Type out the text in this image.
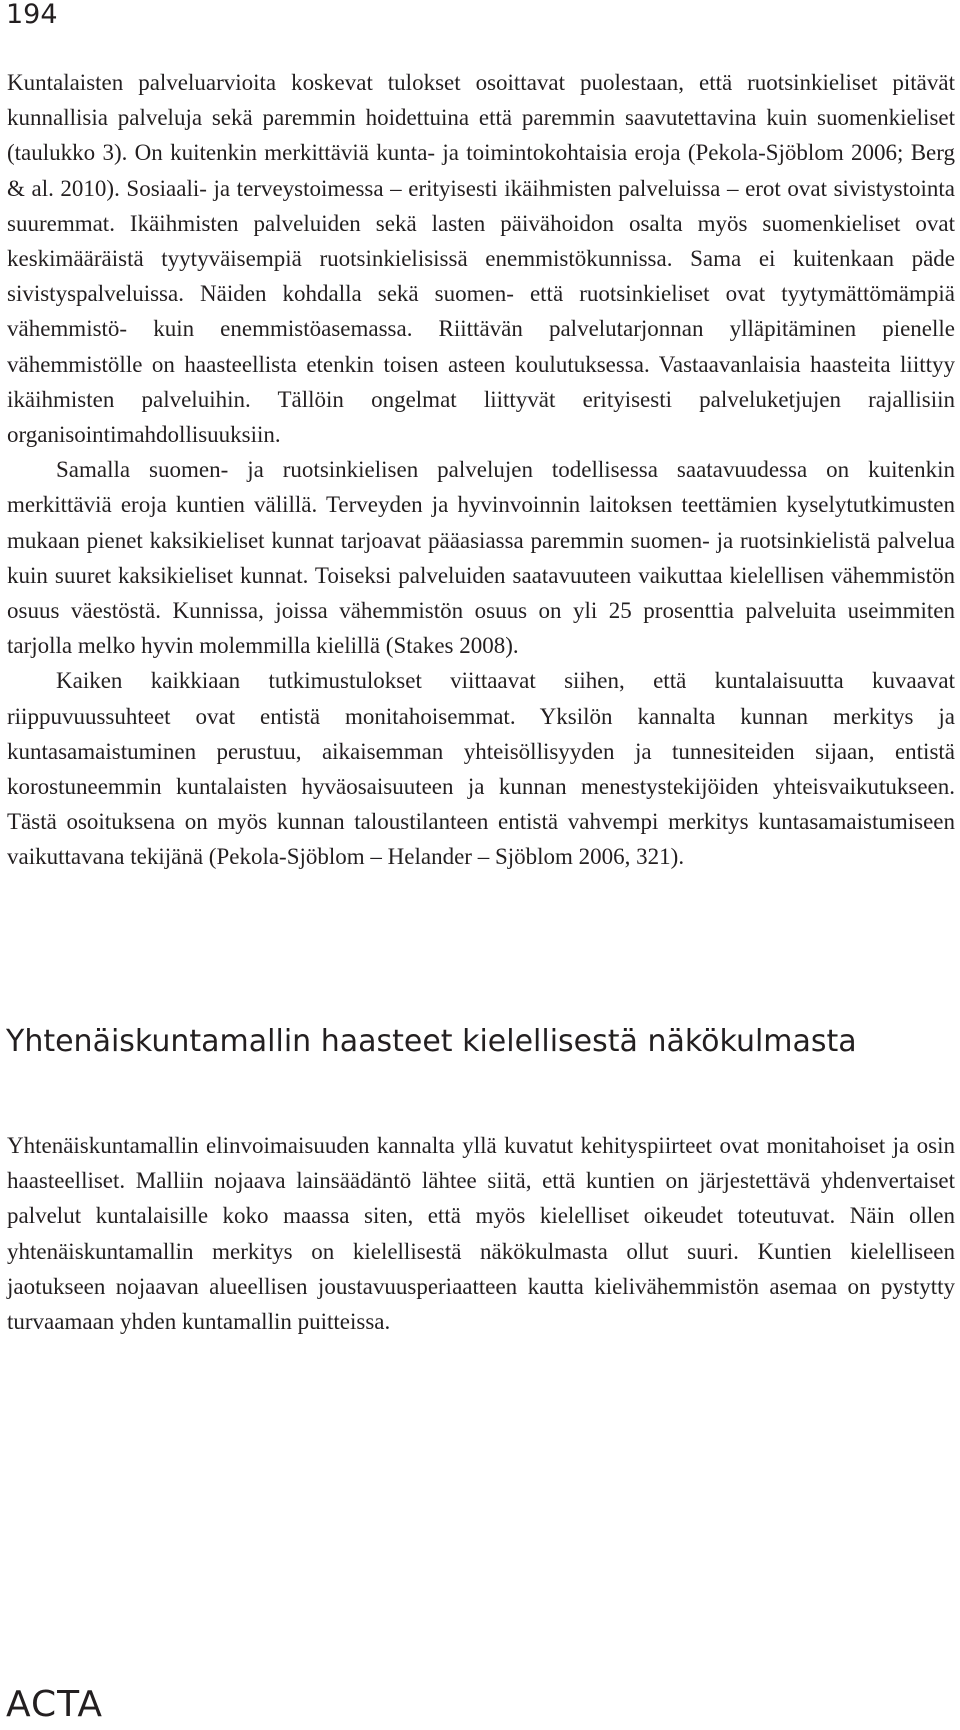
194

Kuntalaisten palveluarvioita koskevat tulokset osoittavat puolestaan, että ruotsinkieliset pitävät kunnallisia palveluja sekä paremmin hoidettuina että paremmin saavutettavina kuin suomenkieliset (taulukko 3). On kuitenkin merkittäviä kunta- ja toimintokohtaisia eroja (Pekola-Sjöblom 2006; Berg & al. 2010). Sosiaali- ja terveystoimessa – erityisesti ikäihmisten palveluissa – erot ovat sivistystointa suuremmat. Ikäihmisten palveluiden sekä lasten päivähoidon osalta myös suomenkieliset ovat keskimääräistä tyytyväisempiä ruotsinkielisissä enemmistökunnissa. Sama ei kuitenkaan päde sivistyspalveluissa. Näiden kohdalla sekä suomen- että ruotsinkieliset ovat tyytymättömämpiä vähemmistö- kuin enemmistöasemassa. Riittävän palvelutarjonnan ylläpitäminen pienelle vähemmistölle on haasteellista etenkin toisen asteen koulutuksessa. Vastaavanlaisia haasteita liittyy ikäihmisten palveluihin. Tällöin ongelmat liittyvät erityisesti palveluketjujen rajallisiin organisointimahdollisuuksiin.

Samalla suomen- ja ruotsinkielisen palvelujen todellisessa saatavuudessa on kuitenkin merkittäviä eroja kuntien välillä. Terveyden ja hyvinvoinnin laitoksen teettämien kyselytutkimusten mukaan pienet kaksikieliset kunnat tarjoavat pääasiassa paremmin suomen- ja ruotsinkielistä palvelua kuin suuret kaksikieliset kunnat. Toiseksi palveluiden saatavuuteen vaikuttaa kielellisen vähemmistön osuus väestöstä. Kunnissa, joissa vähemmistön osuus on yli 25 prosenttia palveluita useimmiten tarjolla melko hyvin molemmilla kielillä (Stakes 2008).

Kaiken kaikkiaan tutkimustulokset viittaavat siihen, että kuntalaisuutta kuvaavat riippuvuussuhteet ovat entistä monitahoisemmat. Yksilön kannalta kunnan merkitys ja kuntasamaistuminen perustuu, aikaisemman yhteisöllisyyden ja tunnesiteiden sijaan, entistä korostuneemmin kuntalaisten hyväosaisuuteen ja kunnan menestystekijöiden yhteisvaikutukseen. Tästä osoituksena on myös kunnan taloustilanteen entistä vahvempi merkitys kuntasamaistumiseen vaikuttavana tekijänä (Pekola-Sjöblom – Helander – Sjöblom 2006, 321).

Yhtenäiskuntamallin haasteet kielellisestä näkökulmasta

Yhtenäiskuntamallin elinvoimaisuuden kannalta yllä kuvatut kehityspiirteet ovat monitahoiset ja osin haasteelliset. Malliin nojaava lainsäädäntö lähtee siitä, että kuntien on järjestettävä yhdenvertaiset palvelut kuntalaisille koko maassa siten, että myös kielelliset oikeudet toteutuvat. Näin ollen yhtenäiskuntamallin merkitys on kielellisestä näkökulmasta ollut suuri. Kuntien kielelliseen jaotukseen nojaavan alueellisen joustavuusperiaatteen kautta kielivähemmistön asemaa on pystytty turvaamaan yhden kuntamallin puitteissa.

ACTA
